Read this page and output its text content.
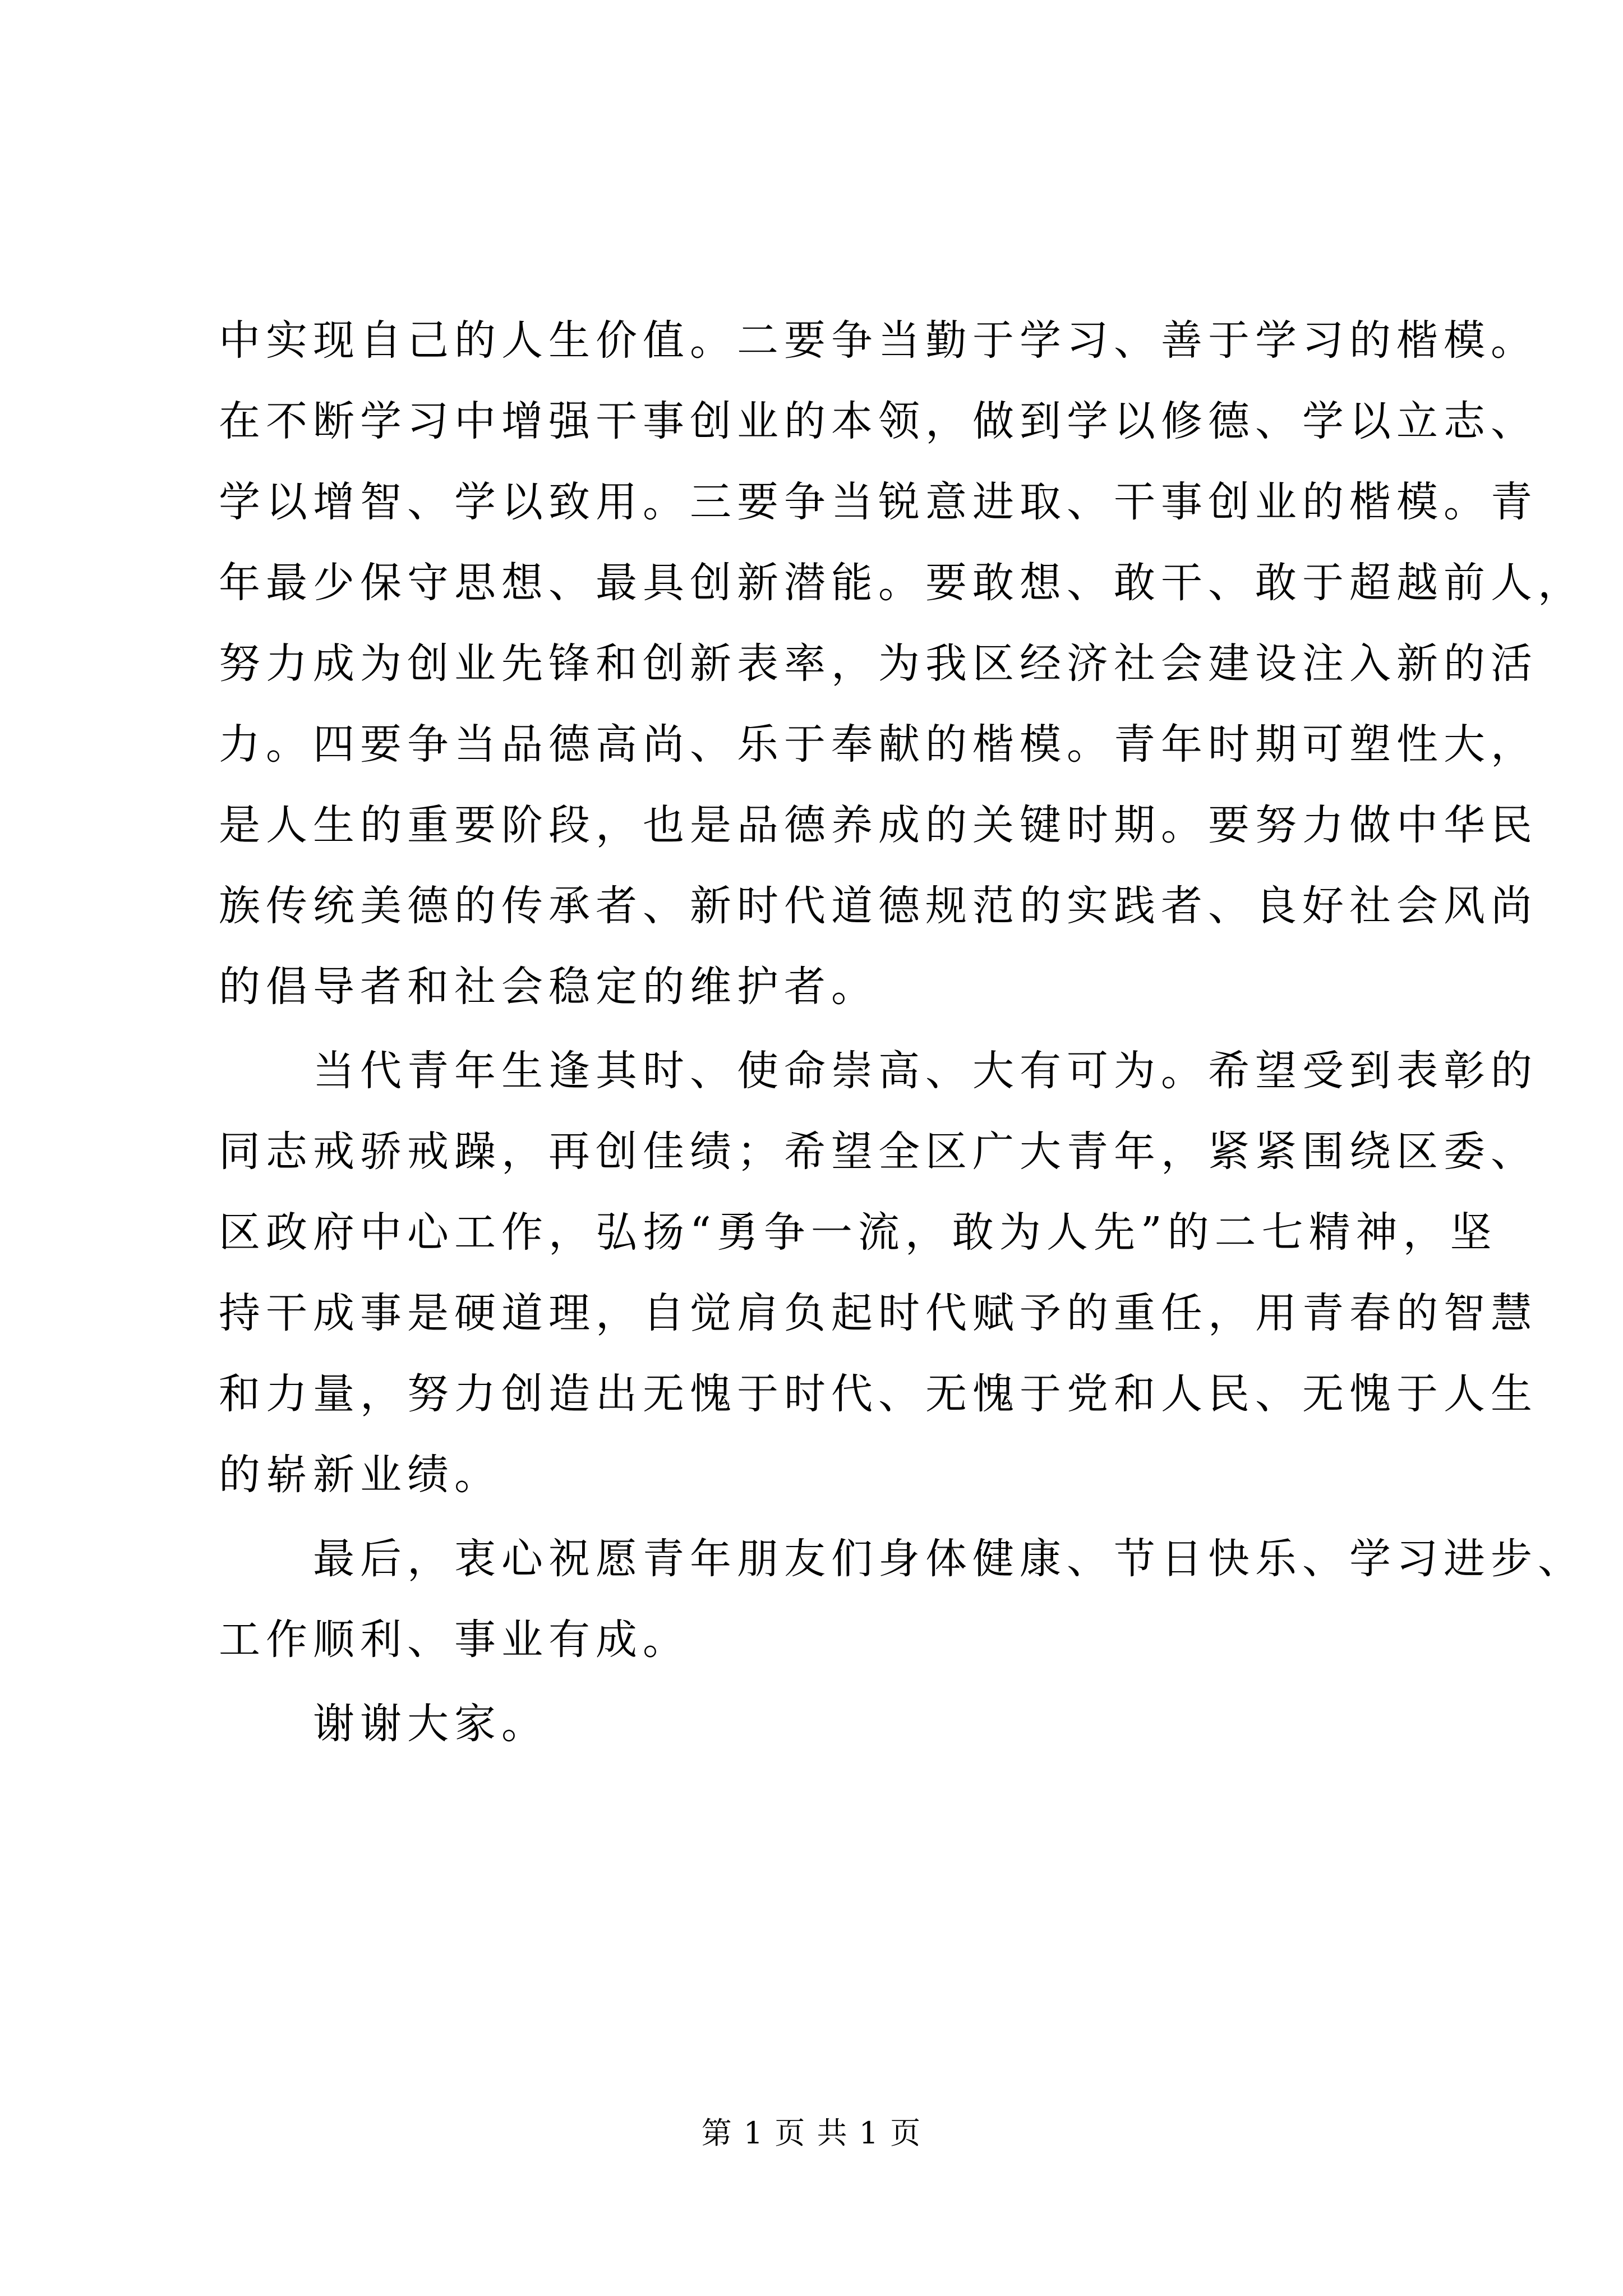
中实现自己的人生价值。二要争当勤于学习、善于学习的楷模。
在不断学习中增强干事创业的本领，做到学以修德、学以立志、
学以增智、学以致用。三要争当锐意进取、干事创业的楷模。青
年最少保守思想、最具创新潜能。要敢想、敢干、敢于超越前人，
努力成为创业先锋和创新表率，为我区经济社会建设注入新的活
力。四要争当品德高尚、乐于奉献的楷模。青年时期可塑性大，
是人生的重要阶段，也是品德养成的关键时期。要努力做中华民
族传统美德的传承者、新时代道德规范的实践者、良好社会风尚
的倡导者和社会稳定的维护者。
当代青年生逢其时、使命崇高、大有可为。希望受到表彰的
同志戒骄戒躁，再创佳绩；希望全区广大青年，紧紧围绕区委、
区政府中心工作，弘扬“勇争一流，敢为人先”的二七精神，坚
持干成事是硬道理，自觉肩负起时代赋予的重任，用青春的智慧
和力量，努力创造出无愧于时代、无愧于党和人民、无愧于人生
的崭新业绩。
最后，衷心祝愿青年朋友们身体健康、节日快乐、学习进步、
工作顺利、事业有成。
谢谢大家。
第 1 页 共 1 页
